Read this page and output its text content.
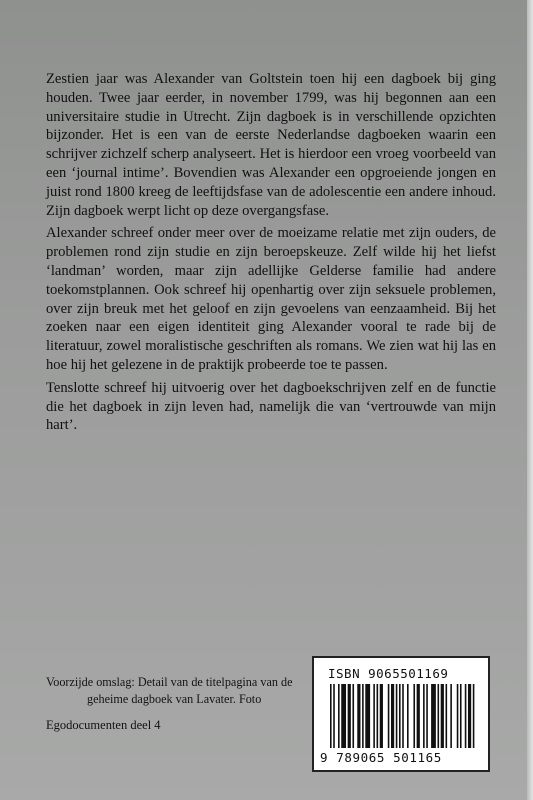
Zestien jaar was Alexander van Goltstein toen hij een dagboek bij ging houden. Twee jaar eerder, in november 1799, was hij begonnen aan een universitaire studie in Utrecht. Zijn dagboek is in verschillende opzichten bijzonder. Het is een van de eerste Nederlandse dagboeken waarin een schrijver zichzelf scherp analyseert. Het is hierdoor een vroeg voorbeeld van een ‘journal intime’. Bovendien was Alexander een opgroeiende jongen en juist rond 1800 kreeg de leeftijdsfase van de adolescentie een andere inhoud. Zijn dagboek werpt licht op deze overgangsfase.

Alexander schreef onder meer over de moeizame relatie met zijn ouders, de problemen rond zijn studie en zijn beroepskeuze. Zelf wilde hij het liefst ‘landman’ worden, maar zijn adellijke Gelderse familie had andere toekomstplannen. Ook schreef hij openhartig over zijn seksuele problemen, over zijn breuk met het geloof en zijn gevoelens van eenzaamheid. Bij het zoeken naar een eigen identiteit ging Alexander vooral te rade bij de literatuur, zowel moralistische geschriften als romans. We zien wat hij las en hoe hij het gelezene in de praktijk probeerde toe te passen.

Tenslotte schreef hij uitvoerig over het dagboekschrijven zelf en de functie die het dagboek in zijn leven had, namelijk die van ‘vertrouwde van mijn hart’.

Voorzijde omslag: Detail van de titelpagina van de
geheime dagboek van Lavater. Foto
Egodocumenten deel 4
ISBN 9065501169
9 789065 501165
